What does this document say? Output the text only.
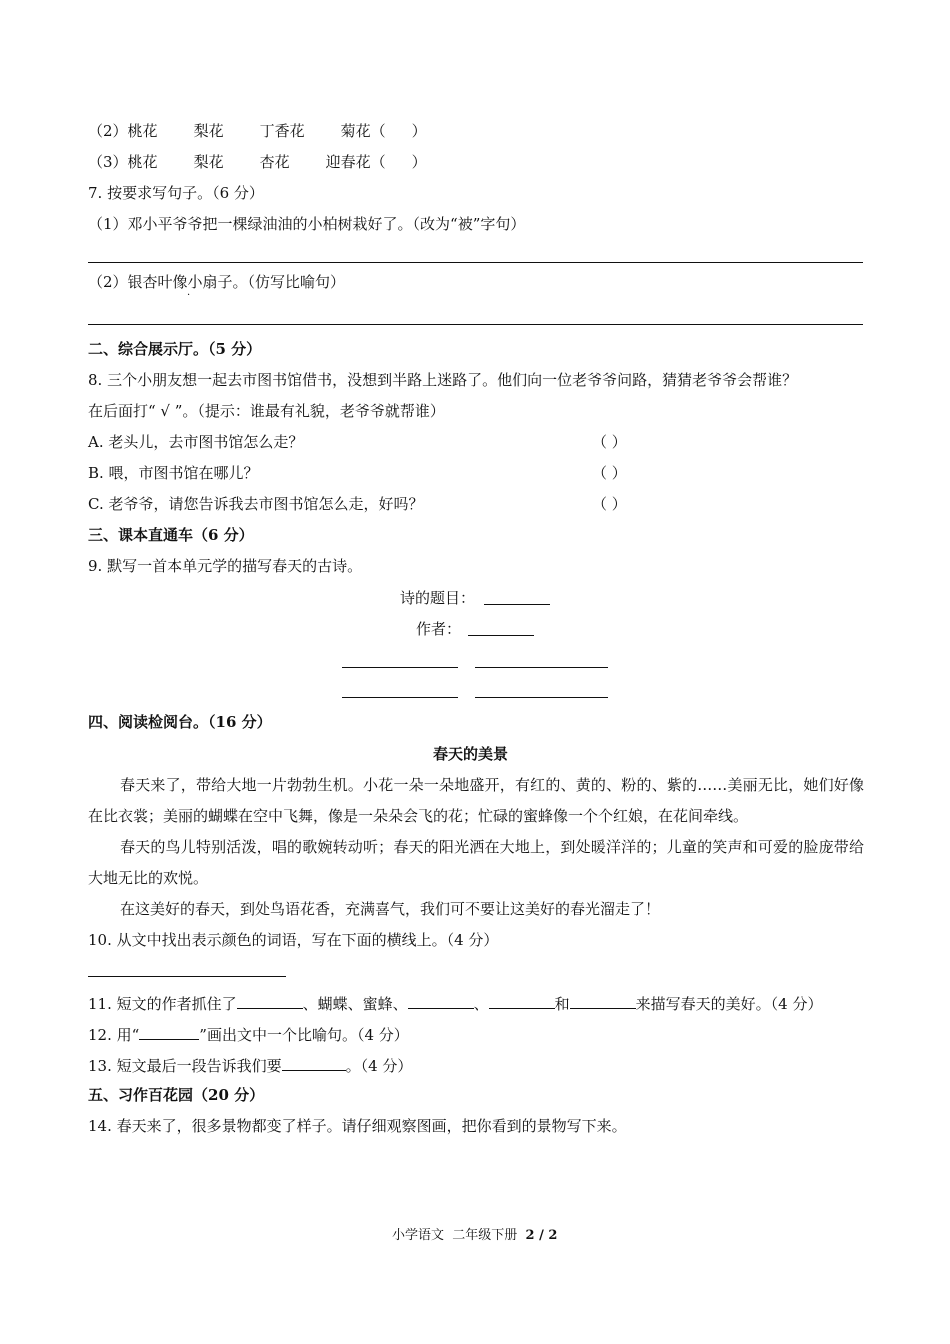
（2）桃花 梨花 丁香花 菊花（ ）
（3）桃花 梨花 杏花 迎春花（ ）
7. 按要求写句子。（6 分）
（1）邓小平爷爷把一棵绿油油的小柏树栽好了。（改为“被”字句）
（2）银杏叶像小扇子。（仿写比喻句）
·
二、综合展示厅。（5 分）
8. 三个小朋友想一起去市图书馆借书，没想到半路上迷路了。他们向一位老爷爷问路，猜猜老爷爷会帮谁？
在后面打“ √ ”。（提示：谁最有礼貌，老爷爷就帮谁）
A. 老头儿，去市图书馆怎么走？	（ ）
B. 喂，市图书馆在哪儿？	（ ）
C. 老爷爷，请您告诉我去市图书馆怎么走，好吗？	（ ）
三、课本直通车（6 分）
9. 默写一首本单元学的描写春天的古诗。
诗的题目：
作者：
四、阅读检阅台。（16 分）
春天的美景
春天来了，带给大地一片勃勃生机。小花一朵一朵地盛开，有红的、黄的、粉的、紫的……美丽无比，她们好像在比衣裳；美丽的蝴蝶在空中飞舞，像是一朵朵会飞的花；忙碌的蜜蜂像一个个红娘，在花间牵线。
春天的鸟儿特别活泼，唱的歌婉转动听；春天的阳光洒在大地上，到处暖洋洋的；儿童的笑声和可爱的脸庞带给大地无比的欢悦。
在这美好的春天，到处鸟语花香，充满喜气，我们可不要让这美好的春光溜走了！
10. 从文中找出表示颜色的词语，写在下面的横线上。（4 分）
11. 短文的作者抓住了	、蝴蝶、蜜蜂、	、	和	来描写春天的美好。（4 分）
12. 用“	”画出文中一个比喻句。（4 分）
13. 短文最后一段告诉我们要	。（4 分）
五、习作百花园（20 分）
14. 春天来了，很多景物都变了样子。请仔细观察图画，把你看到的景物写下来。
小学语文  二年级下册  2 / 2
